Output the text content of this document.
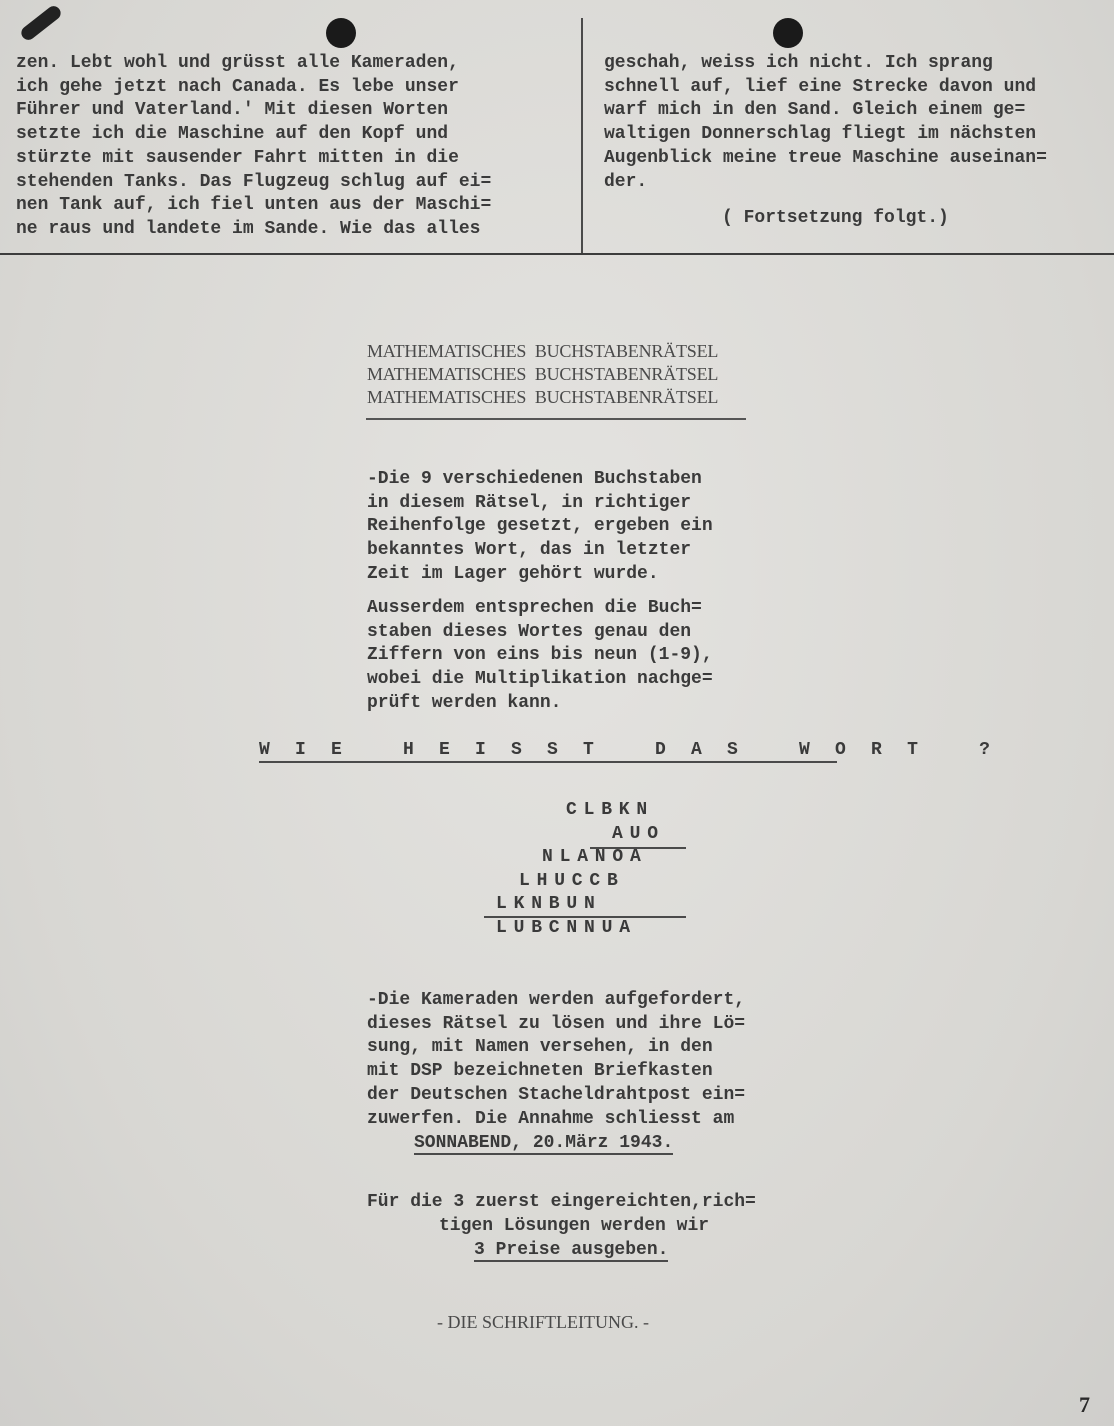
zen. Lebt wohl und grüsst alle Kameraden,
ich gehe jetzt nach Canada. Es lebe unser
Führer und Vaterland.' Mit diesen Worten
setzte ich die Maschine auf den Kopf und
stürzte mit sausender Fahrt mitten in die
stehenden Tanks. Das Flugzeug schlug auf ei=
nen Tank auf, ich fiel unten aus der Maschi=
ne raus und landete im Sande. Wie das alles
geschah, weiss ich nicht. Ich sprang
schnell auf, lief eine Strecke davon und
warf mich in den Sand. Gleich einem ge=
waltigen Donnerschlag fliegt im nächsten
Augenblick meine treue Maschine auseinan=
der.
( Fortsetzung folgt.)
MATHEMATISCHES  BUCHSTABENRÄTSEL
MATHEMATISCHES  BUCHSTABENRÄTSEL
MATHEMATISCHES  BUCHSTABENRÄTSEL
-Die 9 verschiedenen Buchstaben
in diesem Rätsel, in richtiger
Reihenfolge gesetzt, ergeben ein
bekanntes Wort, das in letzter
Zeit im Lager gehört wurde.
Ausserdem entsprechen die Buch=
staben dieses Wortes genau den
Ziffern von eins bis neun (1-9),
wobei die Multiplikation nachge=
prüft werden kann.
W I E   H E I S S T   D A S   W O R T   ?
CLBKN
AUO
NLANOA
LHUCCB
LKNBUN
LUBCNNUA
-Die Kameraden werden aufgefordert,
dieses Rätsel zu lösen und ihre Lö=
sung, mit Namen versehen, in den
mit DSP bezeichneten Briefkasten
der Deutschen Stacheldrahtpost ein=
zuwerfen. Die Annahme schliesst am
SONNABEND, 20.März 1943.
Für die 3 zuerst eingereichten,rich=
tigen Lösungen werden wir
3 Preise ausgeben.
- DIE SCHRIFTLEITUNG. -
7
